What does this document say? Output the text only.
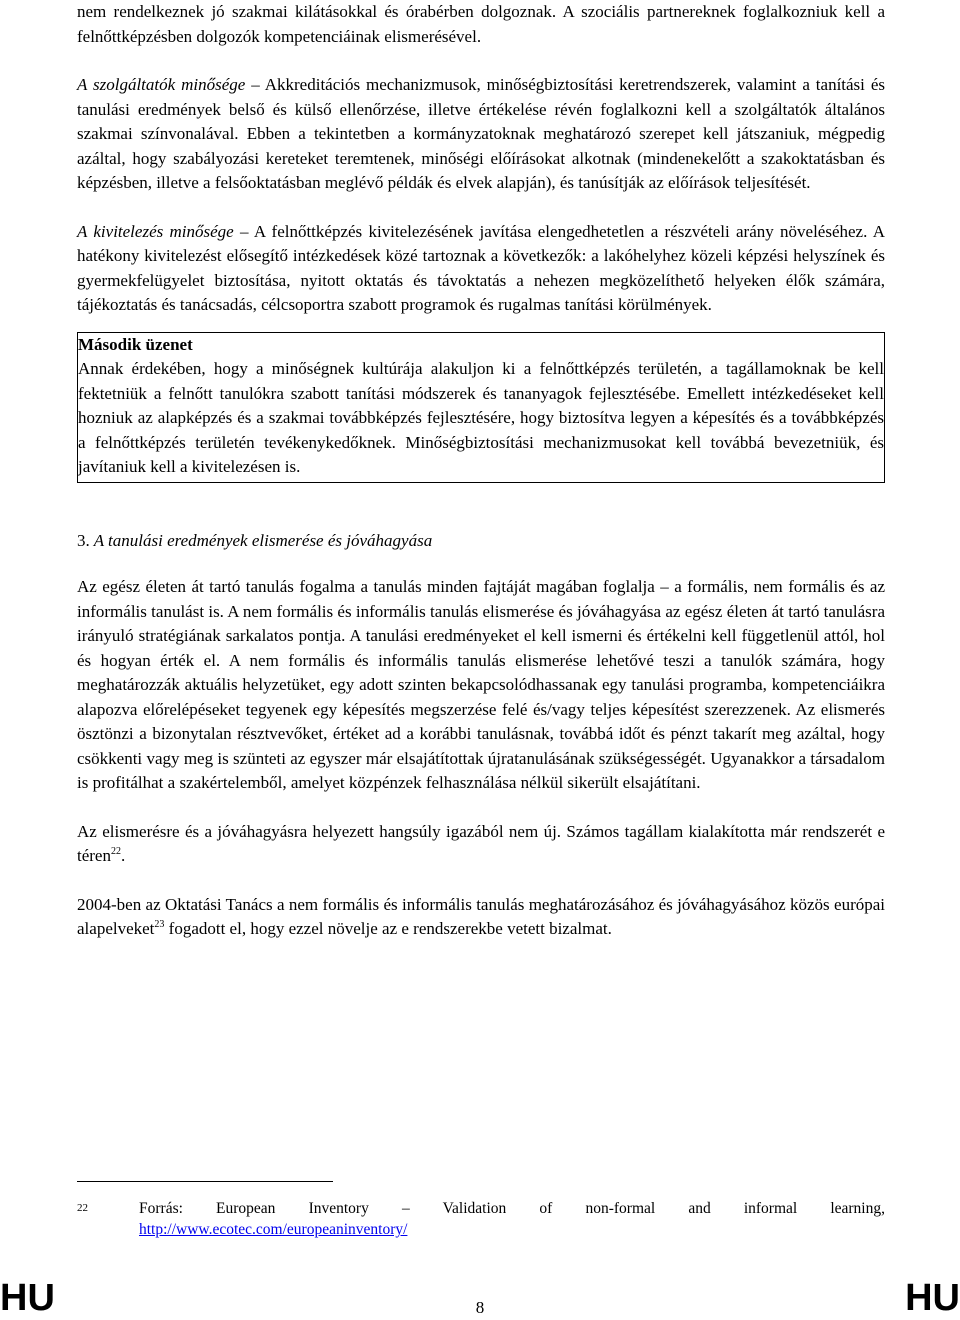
nem rendelkeznek jó szakmai kilátásokkal és órabérben dolgoznak. A szociális partnereknek foglalkozniuk kell a felnőttképzésben dolgozók kompetenciáinak elismerésével.

A szolgáltatók minősége – Akkreditációs mechanizmusok, minőségbiztosítási keretrendszerek, valamint a tanítási és tanulási eredmények belső és külső ellenőrzése, illetve értékelése révén foglalkozni kell a szolgáltatók általános szakmai színvonalával. Ebben a tekintetben a kormányzatoknak meghatározó szerepet kell játszaniuk, mégpedig azáltal, hogy szabályozási kereteket teremtenek, minőségi előírásokat alkotnak (mindenekelőtt a szakoktatásban és képzésben, illetve a felsőoktatásban meglévő példák és elvek alapján), és tanúsítják az előírások teljesítését.

A kivitelezés minősége – A felnőttképzés kivitelezésének javítása elengedhetetlen a részvételi arány növeléséhez. A hatékony kivitelezést elősegítő intézkedések közé tartoznak a következők: a lakóhelyhez közeli képzési helyszínek és gyermekfelügyelet biztosítása, nyitott oktatás és távoktatás a nehezen megközelíthető helyeken élők számára, tájékoztatás és tanácsadás, célcsoportra szabott programok és rugalmas tanítási körülmények.

Második üzenet

Annak érdekében, hogy a minőségnek kultúrája alakuljon ki a felnőttképzés területén, a tagállamoknak be kell fektetniük a felnőtt tanulókra szabott tanítási módszerek és tananyagok fejlesztésébe. Emellett intézkedéseket kell hozniuk az alapképzés és a szakmai továbbképzés fejlesztésére, hogy biztosítva legyen a képesítés és a továbbképzés a felnőttképzés területén tevékenykedőknek. Minőségbiztosítási mechanizmusokat kell továbbá bevezetniük, és javítaniuk kell a kivitelezésen is.

3. A tanulási eredmények elismerése és jóváhagyása

Az egész életen át tartó tanulás fogalma a tanulás minden fajtáját magában foglalja – a formális, nem formális és az informális tanulást is. A nem formális és informális tanulás elismerése és jóváhagyása az egész életen át tartó tanulásra irányuló stratégiának sarkalatos pontja. A tanulási eredményeket el kell ismerni és értékelni kell függetlenül attól, hol és hogyan érték el. A nem formális és informális tanulás elismerése lehetővé teszi a tanulók számára, hogy meghatározzák aktuális helyzetüket, egy adott szinten bekapcsolódhassanak egy tanulási programba, kompetenciáikra alapozva előrelépéseket tegyenek egy képesítés megszerzése felé és/vagy teljes képesítést szerezzenek. Az elismerés ösztönzi a bizonytalan résztvevőket, értéket ad a korábbi tanulásnak, továbbá időt és pénzt takarít meg azáltal, hogy csökkenti vagy meg is szünteti az egyszer már elsajátítottak újratanulásának szükségességét. Ugyanakkor a társadalom is profitálhat a szakértelemből, amelyet közpénzek felhasználása nélkül sikerült elsajátítani.

Az elismerésre és a jóváhagyásra helyezett hangsúly igazából nem új. Számos tagállam kialakította már rendszerét e téren$^{22}$.

2004-ben az Oktatási Tanács a nem formális és informális tanulás meghatározásához és jóváhagyásához közös európai alapelveket$^{23}$ fogadott el, hogy ezzel növelje az e rendszerekbe vetett bizalmat.

22	Forrás: European Inventory – Validation of non-formal and informal learning, http://www.ecotec.com/europeaninventory/
HU	8	HU
